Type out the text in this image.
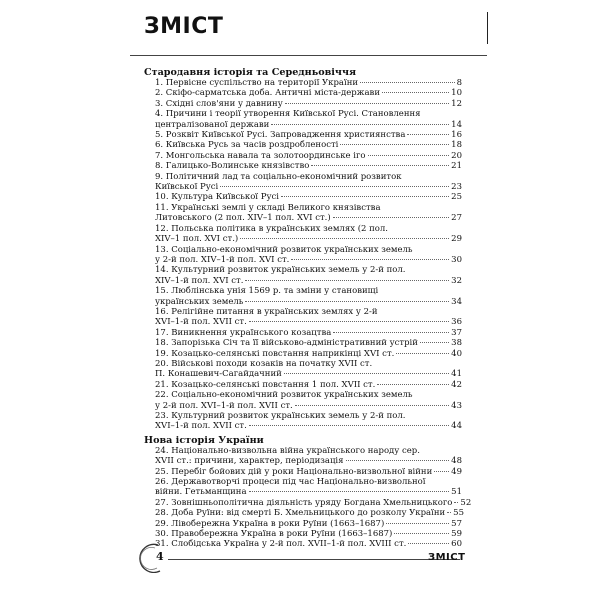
ЗМІСТ
Стародавня історія та Середньовіччя
1. Первісне суспільство на території України	8
2. Скіфо-сарматська доба. Античні міста-держави	10
3. Східні слов'яни у давнину	12
4. Причини і теорії утворення Київської Русі. Становлення
централізованої держави	14
5. Розквіт Київської Русі. Запровадження християнства	16
6. Київська Русь за часів роздробленості	18
7. Монгольська навала та золотоординське іго	20
8. Галицько-Волинське князівство	21
9. Політичний лад та соціально-економічний розвиток
Київської Русі	23
10. Культура Київської Русі	25
11. Українські землі у складі Великого князівства
Литовського (2 пол. XIV–1 пол. XVI ст.)	27
12. Польська політика в українських землях (2 пол.
XIV–1 пол. XVI ст.)	29
13. Соціально-економічний розвиток українських земель
у 2-й пол. XIV–1-й пол. XVI ст.	30
14. Культурний розвиток українських земель у 2-й пол.
XIV–1-й пол. XVI ст.	32
15. Люблінська унія 1569 р. та зміни у становищі
українських земель	34
16. Релігійне питання в українських землях у 2-й
XVI–1-й пол. XVII ст.	36
17. Виникнення українського козацтва	37
18. Запорізька Січ та її військово-адміністративний устрій	38
19. Козацько-селянські повстання наприкінці XVI ст.	40
20. Військові походи козаків на початку XVII ст.
П. Конашевич-Сагайдачний	41
21. Козацько-селянські повстання 1 пол. XVII ст.	42
22. Соціально-економічний розвиток українських земель
у 2-й пол. XVI–1-й пол. XVII ст.	43
23. Культурний розвиток українських земель у 2-й пол.
XVI–1-й пол. XVII ст.	44
Нова історія України
24. Національно-визвольна війна українського народу сер.
XVII ст.: причини, характер, періодизація	48
25. Перебіг бойових дій у роки Національно-визвольної війни 49
26. Державотворчі процеси під час Національно-визвольної
війни. Гетьманщина	51
27. Зовнішньополітична діяльність уряду Богдана Хмельницького 52
28. Доба Руїни: від смерті Б. Хмельницького до розколу України 55
29. Лівобережна Україна в роки Руїни (1663–1687)	57
30. Правобережна Україна в роки Руїни (1663–1687)	59
31. Слобідська Україна у 2-й пол. XVII–1-й пол. XVIII ст.	60
4	ЗМІСТ
